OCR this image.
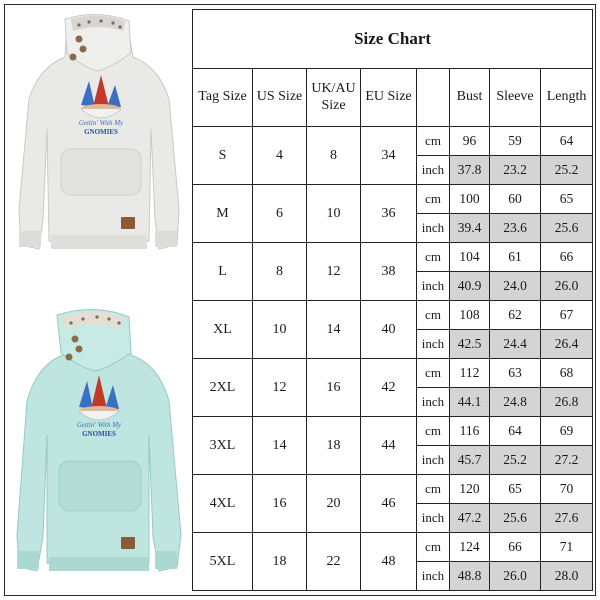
Gettin' With My
GNOMIES
Gettin' With My
GNOMIES
Size Chart							
Tag Size	US Size	UK/AU Size	EU Size		Bust	Sleeve	Length
S	4	8	34	cm	96	59	64
				inch	37.8	23.2	25.2
M	6	10	36	cm	100	60	65
				inch	39.4	23.6	25.6
L	8	12	38	cm	104	61	66
				inch	40.9	24.0	26.0
XL	10	14	40	cm	108	62	67
				inch	42.5	24.4	26.4
2XL	12	16	42	cm	112	63	68
				inch	44.1	24.8	26.8
3XL	14	18	44	cm	116	64	69
				inch	45.7	25.2	27.2
4XL	16	20	46	cm	120	65	70
				inch	47.2	25.6	27.6
5XL	18	22	48	cm	124	66	71
				inch	48.8	26.0	28.0
